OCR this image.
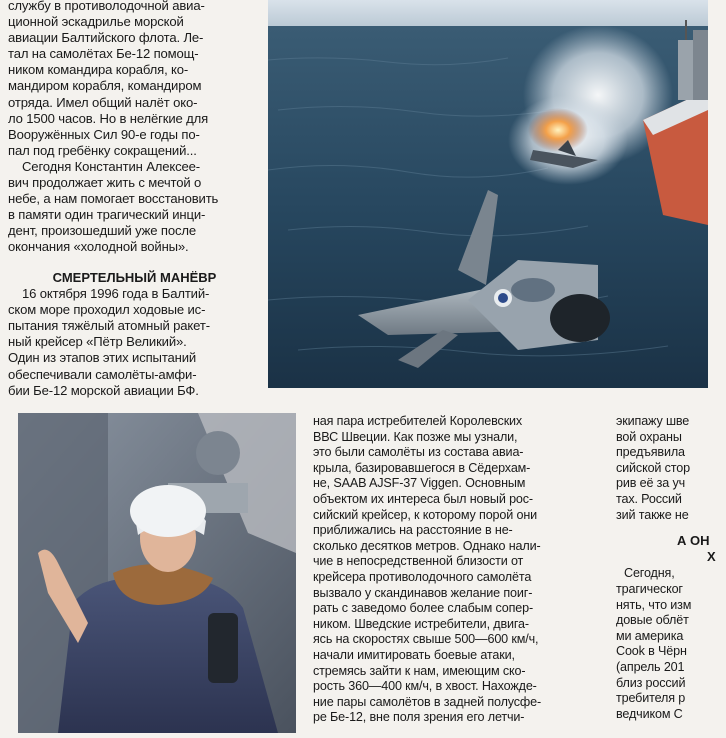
службу в противолодочной авиа-
ционной эскадрилье морской
авиации Балтийского флота. Ле-
тал на самолётах Бе-12 помощ-
ником командира корабля, ко-
мандиром корабля, командиром
отряда. Имел общий налёт око-
ло 1500 часов. Но в нелёгкие для
Вооружённых Сил 90-е годы по-
пал под гребёнку сокращений...

Сегодня Константин Алексее-
вич продолжает жить с мечтой о
небе, а нам помогает восстановить
в памяти один трагический инци-
дент, произошедший уже после
окончания «холодной войны».

СМЕРТЕЛЬНЫЙ МАНЁВР

16 октября 1996 года в Балтий-
ском море проходил ходовые ис-
пытания тяжёлый атомный ракет-
ный крейсер «Пётр Великий».
Один из этапов этих испытаний
обеспечивали самолёты-амфи-
бии Бе-12 морской авиации БФ.

ная пара истребителей Королевских
ВВС Швеции. Как позже мы узнали,
это были самолёты из состава авиа-
крыла, базировавшегося в Сёдерхам-
не, SAAB AJSF-37 Viggen. Основным
объектом их интереса был новый рос-
сийский крейсер, к которому порой они
приближались на расстояние в не-
сколько десятков метров. Однако нали-
чие в непосредственной близости от
крейсера противолодочного самолёта
вызвало у скандинавов желание поиг-
рать с заведомо более слабым сопер-
ником. Шведские истребители, двига-
ясь на скоростях свыше 500—600 км/ч,
начали имитировать боевые атаки,
стремясь зайти к нам, имеющим ско-
рость 360—400 км/ч, в хвост. Нахожде-
ние пары самолётов в задней полусфе-
ре Бе-12, вне поля зрения его летчи-
экипажу шве
вой охраны
предъявила
сийской стор
рив её за уч
тах. Россий
зий также не
А ОН
Х
Сегодня,
трагическог
нять, что изм
довые облёт
ми америка
Cook в Чёрн
(апрель 201
близ россий
требителя р
ведчиком С
